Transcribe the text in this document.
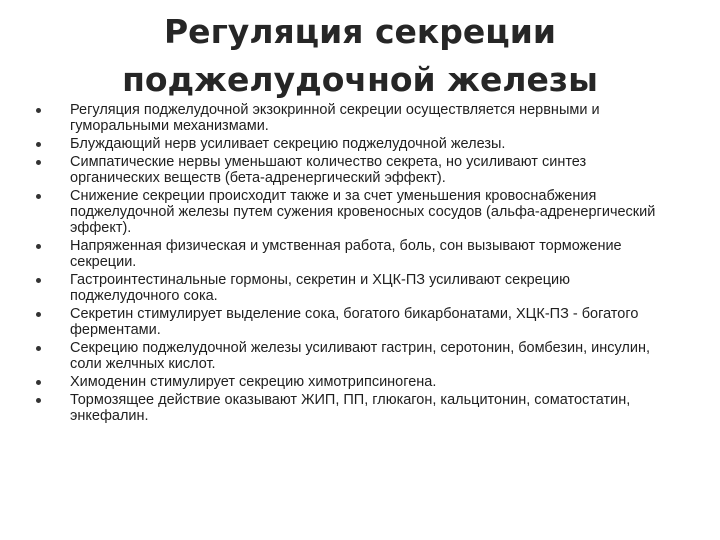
Регуляция секреции
поджелудочной железы
Регуляция поджелудочной экзокринной секреции осуществляется нервными и гуморальными механизмами.
Блуждающий нерв усиливает секрецию поджелудочной железы.
Симпатические нервы уменьшают количество секрета, но усиливают синтез органических веществ (бета-адренергический эффект).
Снижение секреции происходит также и за счет уменьшения кровоснабжения поджелудочной железы путем сужения кровеносных сосудов (альфа-адренергический эффект).
Напряженная физическая и умственная работа, боль, сон вызывают торможение секреции.
Гастроинтестинальные гормоны, секретин и ХЦК-ПЗ усиливают секрецию поджелудочного сока.
Секретин стимулирует выделение сока, богатого бикарбонатами, ХЦК-ПЗ - богатого ферментами.
Секрецию поджелудочной железы усиливают гастрин, серотонин, бомбезин, инсулин, соли желчных кислот.
Химоденин стимулирует секрецию химотрипсиногена.
Тормозящее действие оказывают ЖИП, ПП, глюкагон, кальцитонин, соматостатин, энкефалин.
